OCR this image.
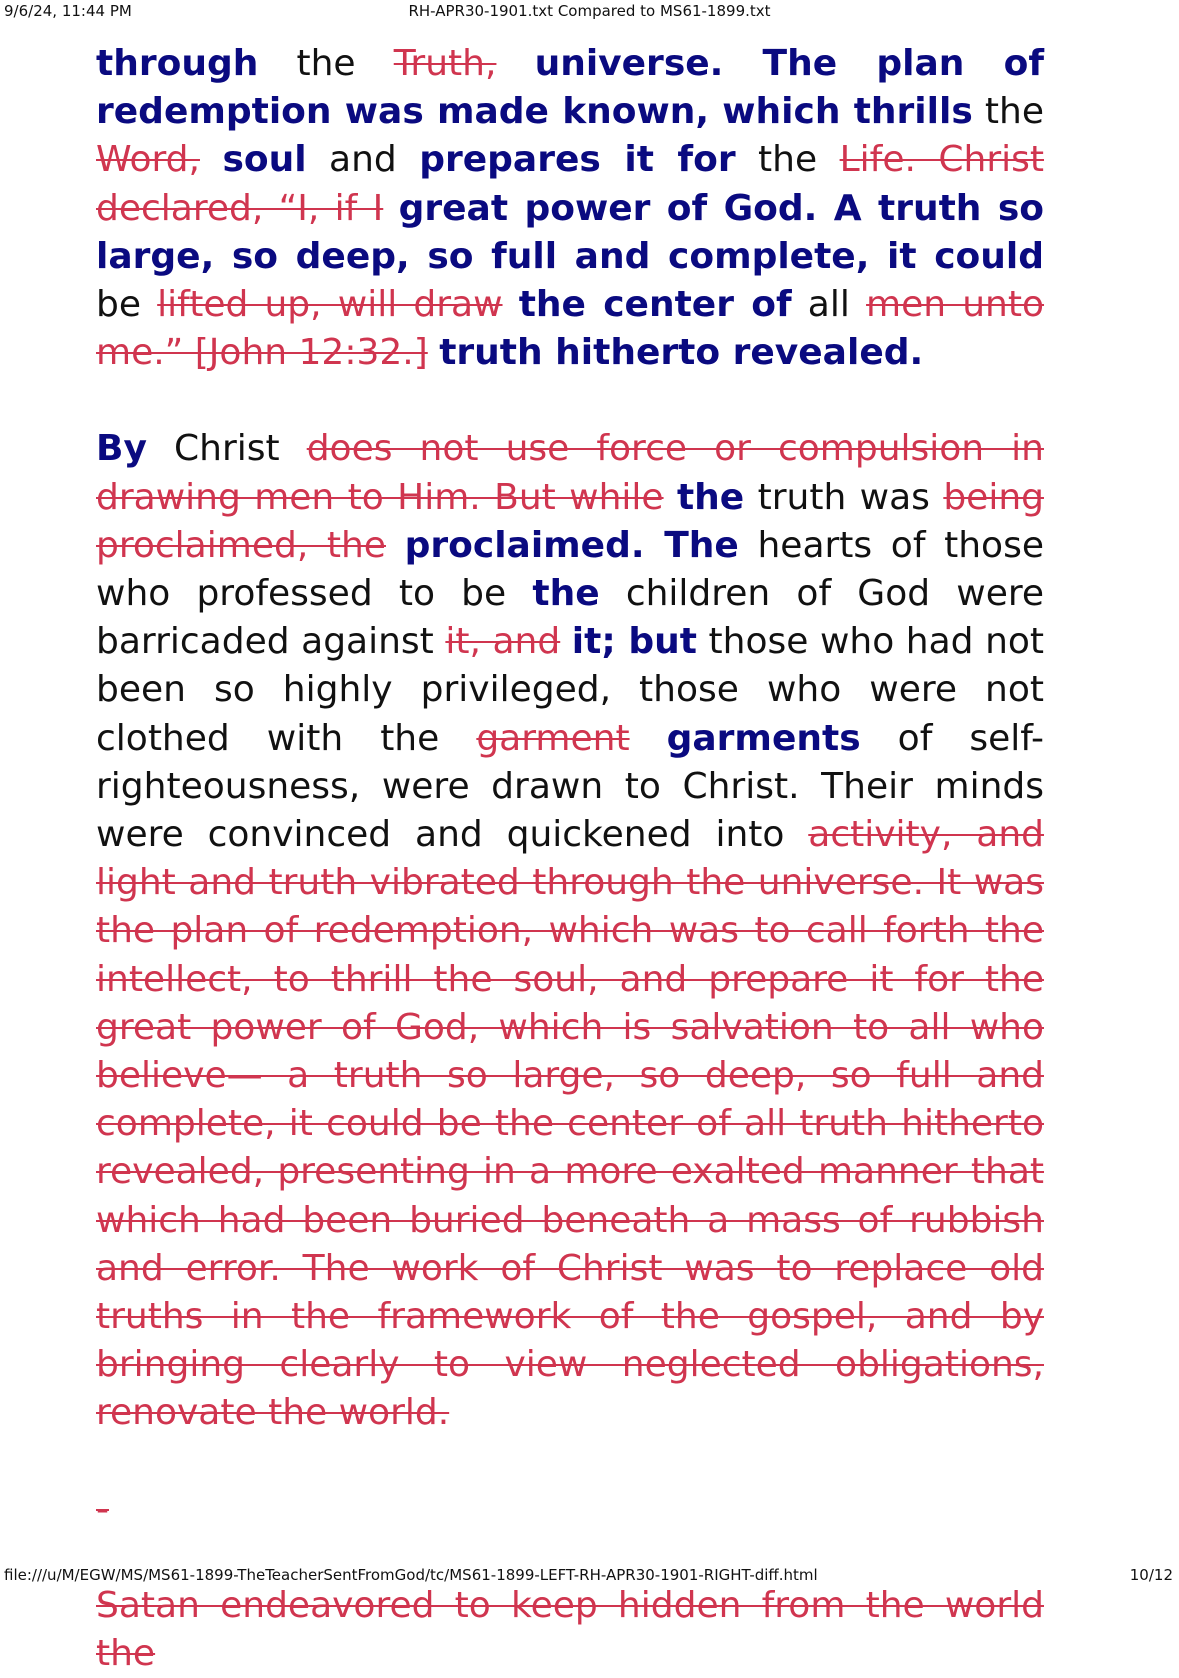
9/6/24, 11:44 PM	RH-APR30-1901.txt Compared to MS61-1899.txt

through the Truth, universe. The plan of redemption was made known, which thrills the Word, soul and prepares it for the Life. Christ declared, “I, if I great power of God. A truth so large, so deep, so full and complete, it could be lifted up, will draw the center of all men unto me.” [John 12:32.] truth hitherto revealed.

By Christ does not use force or compulsion in drawing men to Him. But while the truth was being proclaimed, the proclaimed. The hearts of those who professed to be the children of God were barricaded against it, and it; but those who had not been so highly privileged, those who were not clothed with the garment garments of self-righteousness, were drawn to Christ. Their minds were convinced and quickened into activity, and light and truth vibrated through the universe. It was the plan of redemption, which was to call forth the intellect, to thrill the soul, and prepare it for the great power of God, which is salvation to all who believe— a truth so large, so deep, so full and complete, it could be the center of all truth hitherto revealed, presenting in a more exalted manner that which had been buried beneath a mass of rubbish and error. The work of Christ was to replace old truths in the framework of the gospel, and by bringing clearly to view neglected obligations, renovate the world.

-

Satan endeavored to keep hidden from the world the

file:///u/M/EGW/MS/MS61-1899-TheTeacherSentFromGod/tc/MS61-1899-LEFT-RH-APR30-1901-RIGHT-diff.html	10/12
